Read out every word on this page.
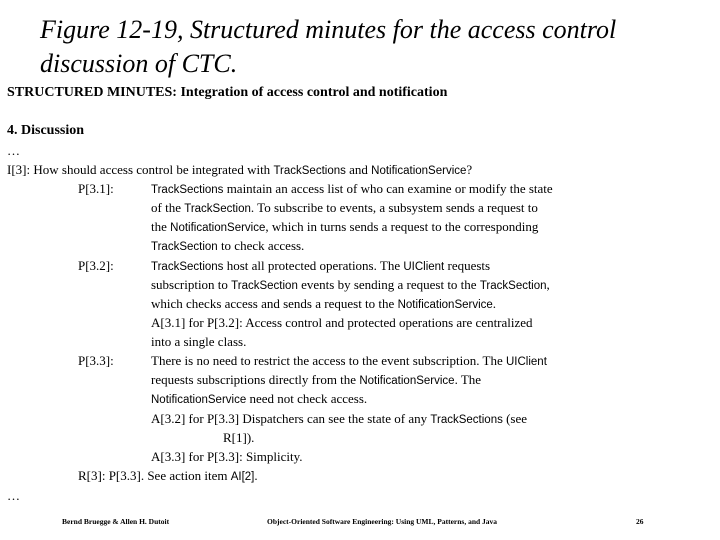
Figure 12-19, Structured minutes for the access control discussion of CTC.
STRUCTURED MINUTES: Integration of access control and notification
4. Discussion
…
I[3]: How should access control be integrated with TrackSections and NotificationService?
P[3.1]:	TrackSections maintain an access list of who can examine or modify the state
of the TrackSection. To subscribe to events, a subsystem sends a request to
the NotificationService, which in turns sends a request to the corresponding
TrackSection to check access.
P[3.2]:	TrackSections host all protected operations. The UIClient requests
subscription to TrackSection events by sending a request to the TrackSection,
which checks access and sends a request to the NotificationService.
A[3.1] for P[3.2]: Access control and protected operations are centralized
into a single class.
P[3.3]:	There is no need to restrict the access to the event subscription. The UIClient
requests subscriptions directly from the NotificationService. The
NotificationService need not check access.
A[3.2] for P[3.3] Dispatchers can see the state of any TrackSections (see
R[1]).
A[3.3] for P[3.3]: Simplicity.
R[3]: P[3.3]. See action item AI[2].
…
Bernd Bruegge & Allen H. Dutoit	Object-Oriented Software Engineering: Using UML, Patterns, and Java	26
